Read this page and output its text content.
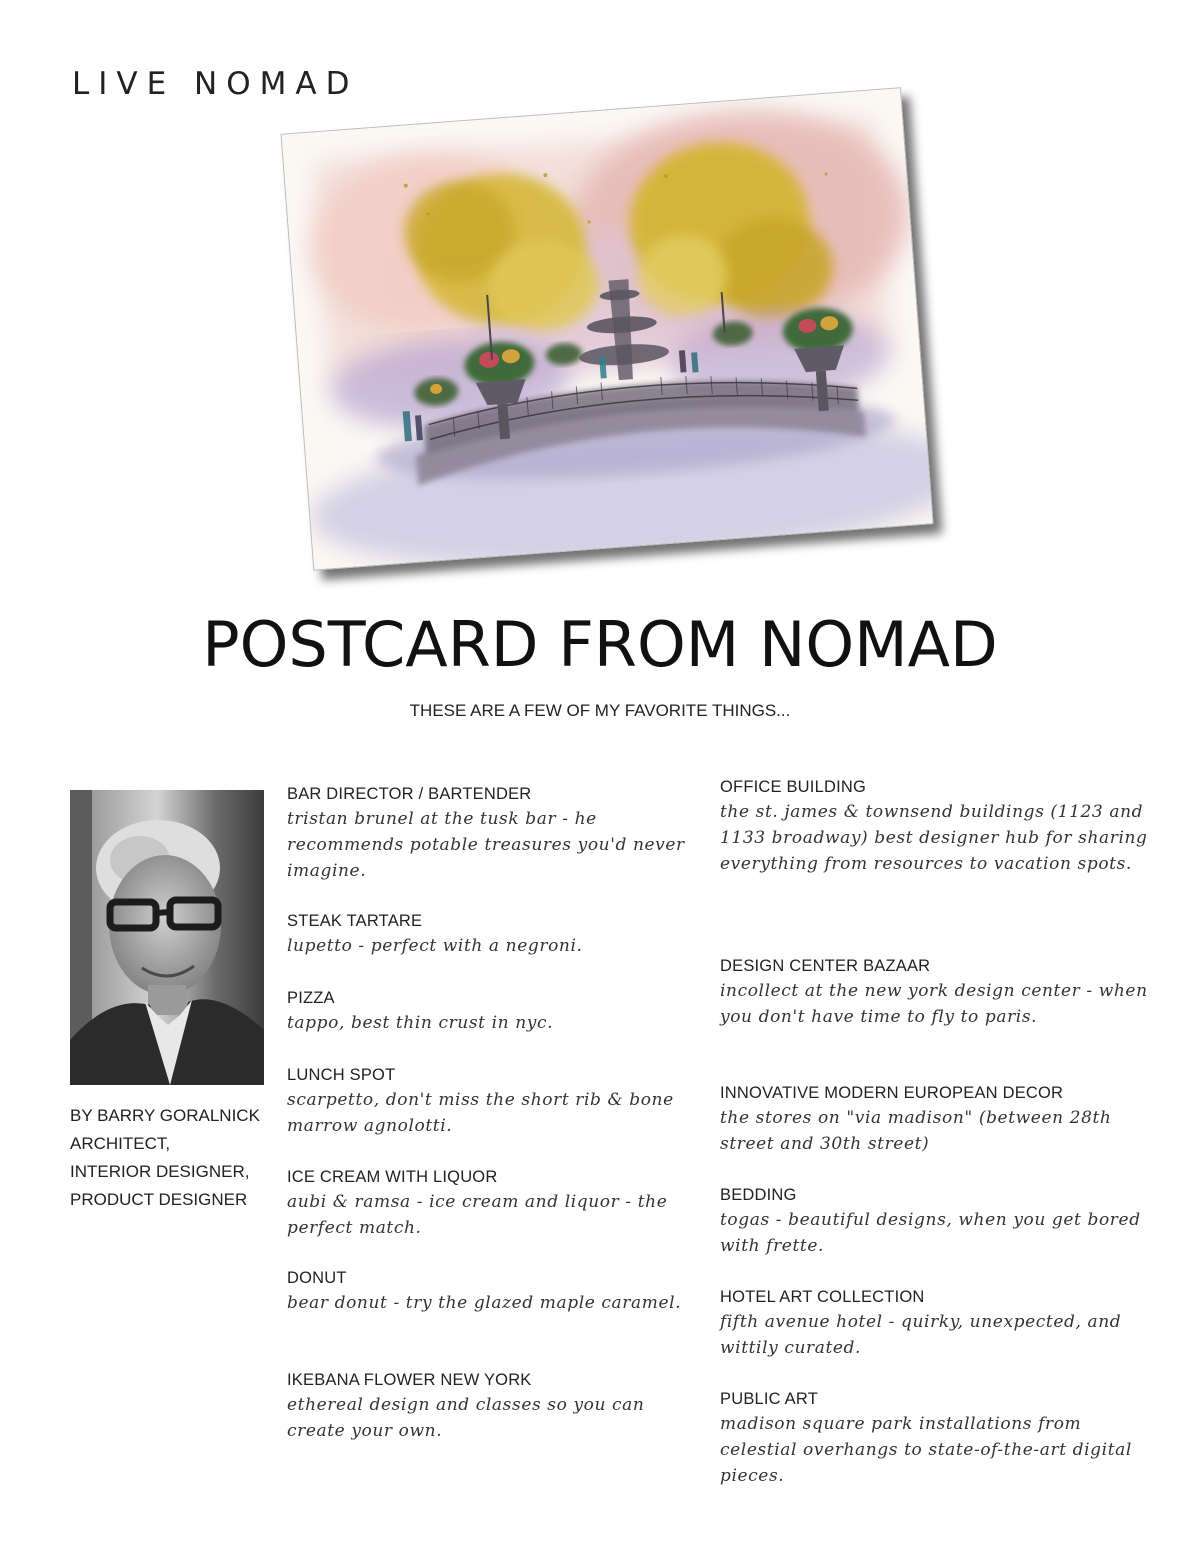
LIVE NOMAD
POSTCARD FROM NOMAD
THESE ARE A FEW OF MY FAVORITE THINGS...
BY BARRY GORALNICK
ARCHITECT,
INTERIOR DESIGNER,
PRODUCT DESIGNER
BAR DIRECTOR / BARTENDER
tristan brunel at the tusk bar - he recommends potable treasures you'd never imagine.
STEAK TARTARE
lupetto - perfect with a negroni.
PIZZA
tappo, best thin crust in nyc.
LUNCH SPOT
scarpetto, don't miss the short rib & bone marrow agnolotti.
ICE CREAM WITH LIQUOR
aubi & ramsa - ice cream and liquor - the perfect match.
DONUT
bear donut - try the glazed maple caramel.
IKEBANA FLOWER NEW YORK
ethereal design and classes so you can create your own.
OFFICE BUILDING
the st. james & townsend buildings (1123 and 1133 broadway) best designer hub for sharing everything from resources to vacation spots.
DESIGN CENTER BAZAAR
incollect at the new york design center - when you don't have time to fly to paris.
INNOVATIVE MODERN EUROPEAN DECOR
the stores on "via madison" (between 28th street and 30th street)
BEDDING
togas - beautiful designs, when you get bored with frette.
HOTEL ART COLLECTION
fifth avenue hotel - quirky, unexpected, and wittily curated.
PUBLIC ART
madison square park installations from celestial overhangs to state-of-the-art digital pieces.
